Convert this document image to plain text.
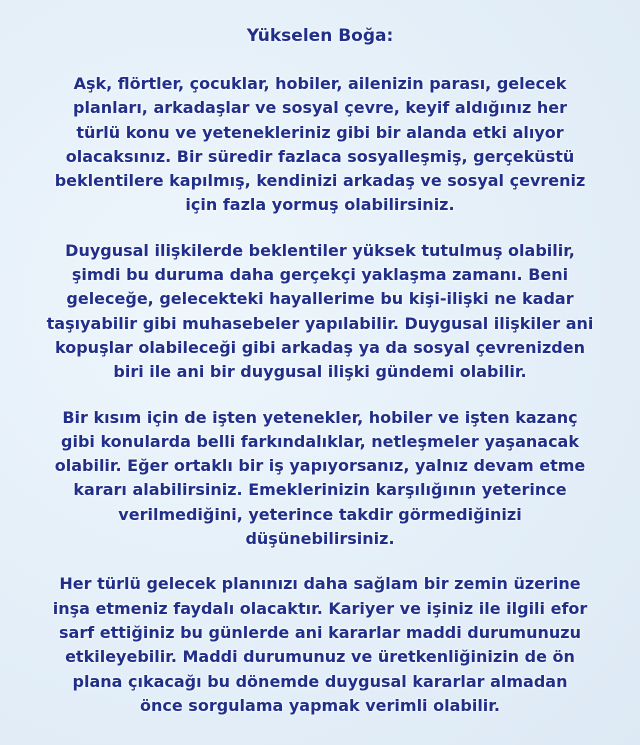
Yükselen Boğa:
Aşk, flörtler, çocuklar, hobiler, ailenizin parası, gelecek
planları, arkadaşlar ve sosyal çevre, keyif aldığınız her
türlü konu ve yetenekleriniz gibi bir alanda etki alıyor
olacaksınız. Bir süredir fazlaca sosyalleşmiş, gerçeküstü
beklentilere kapılmış, kendinizi arkadaş ve sosyal çevreniz
için fazla yormuş olabilirsiniz.
Duygusal ilişkilerde beklentiler yüksek tutulmuş olabilir,
şimdi bu duruma daha gerçekçi yaklaşma zamanı. Beni
geleceğe, gelecekteki hayallerime bu kişi-ilişki ne kadar
taşıyabilir gibi muhasebeler yapılabilir. Duygusal ilişkiler ani
kopuşlar olabileceği gibi arkadaş ya da sosyal çevrenizden
biri ile ani bir duygusal ilişki gündemi olabilir.
Bir kısım için de işten yetenekler, hobiler ve işten kazanç
gibi konularda belli farkındalıklar, netleşmeler yaşanacak
olabilir. Eğer ortaklı bir iş yapıyorsanız, yalnız devam etme
kararı alabilirsiniz. Emeklerinizin karşılığının yeterince
verilmediğini, yeterince takdir görmediğinizi
düşünebilirsiniz.
Her türlü gelecek planınızı daha sağlam bir zemin üzerine
inşa etmeniz faydalı olacaktır. Kariyer ve işiniz ile ilgili efor
sarf ettiğiniz bu günlerde ani kararlar maddi durumunuzu
etkileyebilir. Maddi durumunuz ve üretkenliğinizin de ön
plana çıkacağı bu dönemde duygusal kararlar almadan
önce sorgulama yapmak verimli olabilir.
